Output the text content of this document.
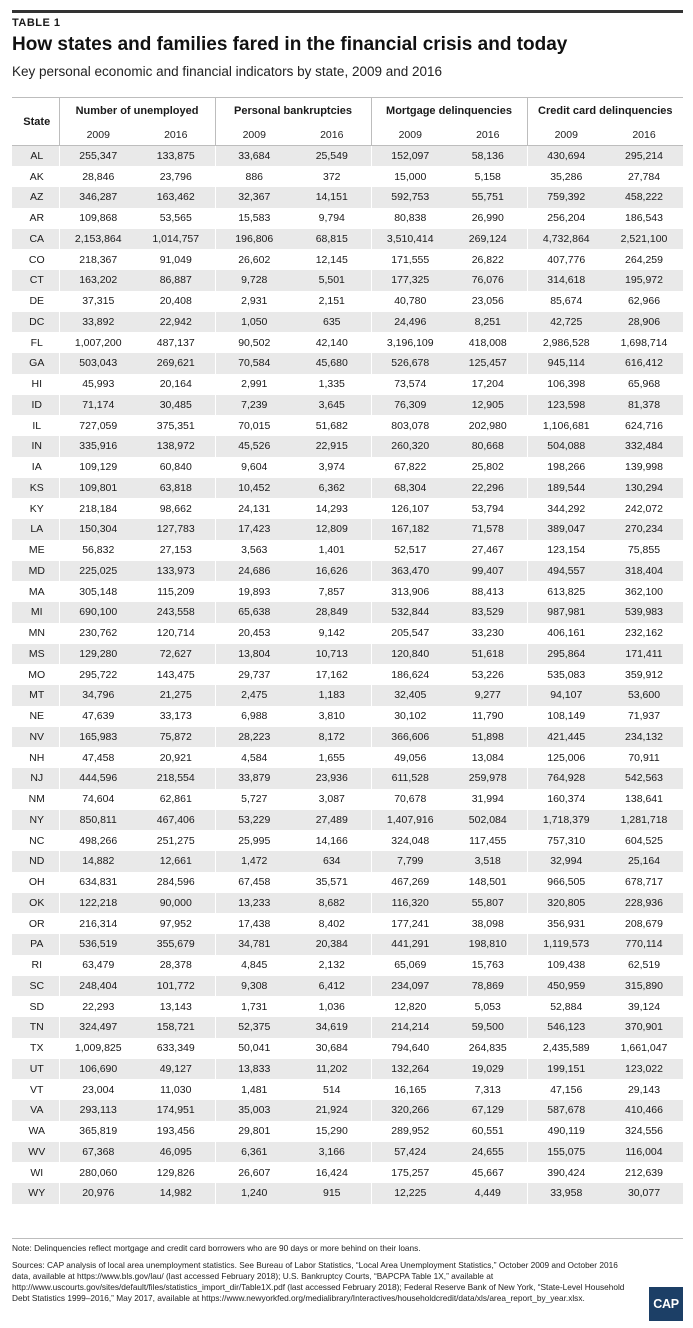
TABLE 1
How states and families fared in the financial crisis and today
Key personal economic and financial indicators by state, 2009 and 2016
State	Number of unemployed		Personal bankruptcies		Mortgage delinquencies		Credit card delinquencies	
	2009	2016	2009	2016	2009	2016	2009	2016
AL	255,347	133,875	33,684	25,549	152,097	58,136	430,694	295,214
AK	28,846	23,796	886	372	15,000	5,158	35,286	27,784
AZ	346,287	163,462	32,367	14,151	592,753	55,751	759,392	458,222
AR	109,868	53,565	15,583	9,794	80,838	26,990	256,204	186,543
CA	2,153,864	1,014,757	196,806	68,815	3,510,414	269,124	4,732,864	2,521,100
CO	218,367	91,049	26,602	12,145	171,555	26,822	407,776	264,259
CT	163,202	86,887	9,728	5,501	177,325	76,076	314,618	195,972
DE	37,315	20,408	2,931	2,151	40,780	23,056	85,674	62,966
DC	33,892	22,942	1,050	635	24,496	8,251	42,725	28,906
FL	1,007,200	487,137	90,502	42,140	3,196,109	418,008	2,986,528	1,698,714
GA	503,043	269,621	70,584	45,680	526,678	125,457	945,114	616,412
HI	45,993	20,164	2,991	1,335	73,574	17,204	106,398	65,968
ID	71,174	30,485	7,239	3,645	76,309	12,905	123,598	81,378
IL	727,059	375,351	70,015	51,682	803,078	202,980	1,106,681	624,716
IN	335,916	138,972	45,526	22,915	260,320	80,668	504,088	332,484
IA	109,129	60,840	9,604	3,974	67,822	25,802	198,266	139,998
KS	109,801	63,818	10,452	6,362	68,304	22,296	189,544	130,294
KY	218,184	98,662	24,131	14,293	126,107	53,794	344,292	242,072
LA	150,304	127,783	17,423	12,809	167,182	71,578	389,047	270,234
ME	56,832	27,153	3,563	1,401	52,517	27,467	123,154	75,855
MD	225,025	133,973	24,686	16,626	363,470	99,407	494,557	318,404
MA	305,148	115,209	19,893	7,857	313,906	88,413	613,825	362,100
MI	690,100	243,558	65,638	28,849	532,844	83,529	987,981	539,983
MN	230,762	120,714	20,453	9,142	205,547	33,230	406,161	232,162
MS	129,280	72,627	13,804	10,713	120,840	51,618	295,864	171,411
MO	295,722	143,475	29,737	17,162	186,624	53,226	535,083	359,912
MT	34,796	21,275	2,475	1,183	32,405	9,277	94,107	53,600
NE	47,639	33,173	6,988	3,810	30,102	11,790	108,149	71,937
NV	165,983	75,872	28,223	8,172	366,606	51,898	421,445	234,132
NH	47,458	20,921	4,584	1,655	49,056	13,084	125,006	70,911
NJ	444,596	218,554	33,879	23,936	611,528	259,978	764,928	542,563
NM	74,604	62,861	5,727	3,087	70,678	31,994	160,374	138,641
NY	850,811	467,406	53,229	27,489	1,407,916	502,084	1,718,379	1,281,718
NC	498,266	251,275	25,995	14,166	324,048	117,455	757,310	604,525
ND	14,882	12,661	1,472	634	7,799	3,518	32,994	25,164
OH	634,831	284,596	67,458	35,571	467,269	148,501	966,505	678,717
OK	122,218	90,000	13,233	8,682	116,320	55,807	320,805	228,936
OR	216,314	97,952	17,438	8,402	177,241	38,098	356,931	208,679
PA	536,519	355,679	34,781	20,384	441,291	198,810	1,119,573	770,114
RI	63,479	28,378	4,845	2,132	65,069	15,763	109,438	62,519
SC	248,404	101,772	9,308	6,412	234,097	78,869	450,959	315,890
SD	22,293	13,143	1,731	1,036	12,820	5,053	52,884	39,124
TN	324,497	158,721	52,375	34,619	214,214	59,500	546,123	370,901
TX	1,009,825	633,349	50,041	30,684	794,640	264,835	2,435,589	1,661,047
UT	106,690	49,127	13,833	11,202	132,264	19,029	199,151	123,022
VT	23,004	11,030	1,481	514	16,165	7,313	47,156	29,143
VA	293,113	174,951	35,003	21,924	320,266	67,129	587,678	410,466
WA	365,819	193,456	29,801	15,290	289,952	60,551	490,119	324,556
WV	67,368	46,095	6,361	3,166	57,424	24,655	155,075	116,004
WI	280,060	129,826	26,607	16,424	175,257	45,667	390,424	212,639
WY	20,976	14,982	1,240	915	12,225	4,449	33,958	30,077
Note: Delinquencies reflect mortgage and credit card borrowers who are 90 days or more behind on their loans.
Sources: CAP analysis of local area unemployment statistics. See Bureau of Labor Statistics, “Local Area Unemployment Statistics,” October 2009 and October 2016 data, available at https://www.bls.gov/lau/ (last accessed February 2018); U.S. Bankruptcy Courts, “BAPCPA Table 1X,” available at http://www.uscourts.gov/sites/default/files/statistics_import_dir/Table1X.pdf (last accessed February 2018); Federal Reserve Bank of New York, “State-Level Household Debt Statistics 1999–2016,” May 2017, available at https://www.newyorkfed.org/medialibrary/Interactives/householdcredit/data/xls/area_report_by_year.xlsx.	CAP
